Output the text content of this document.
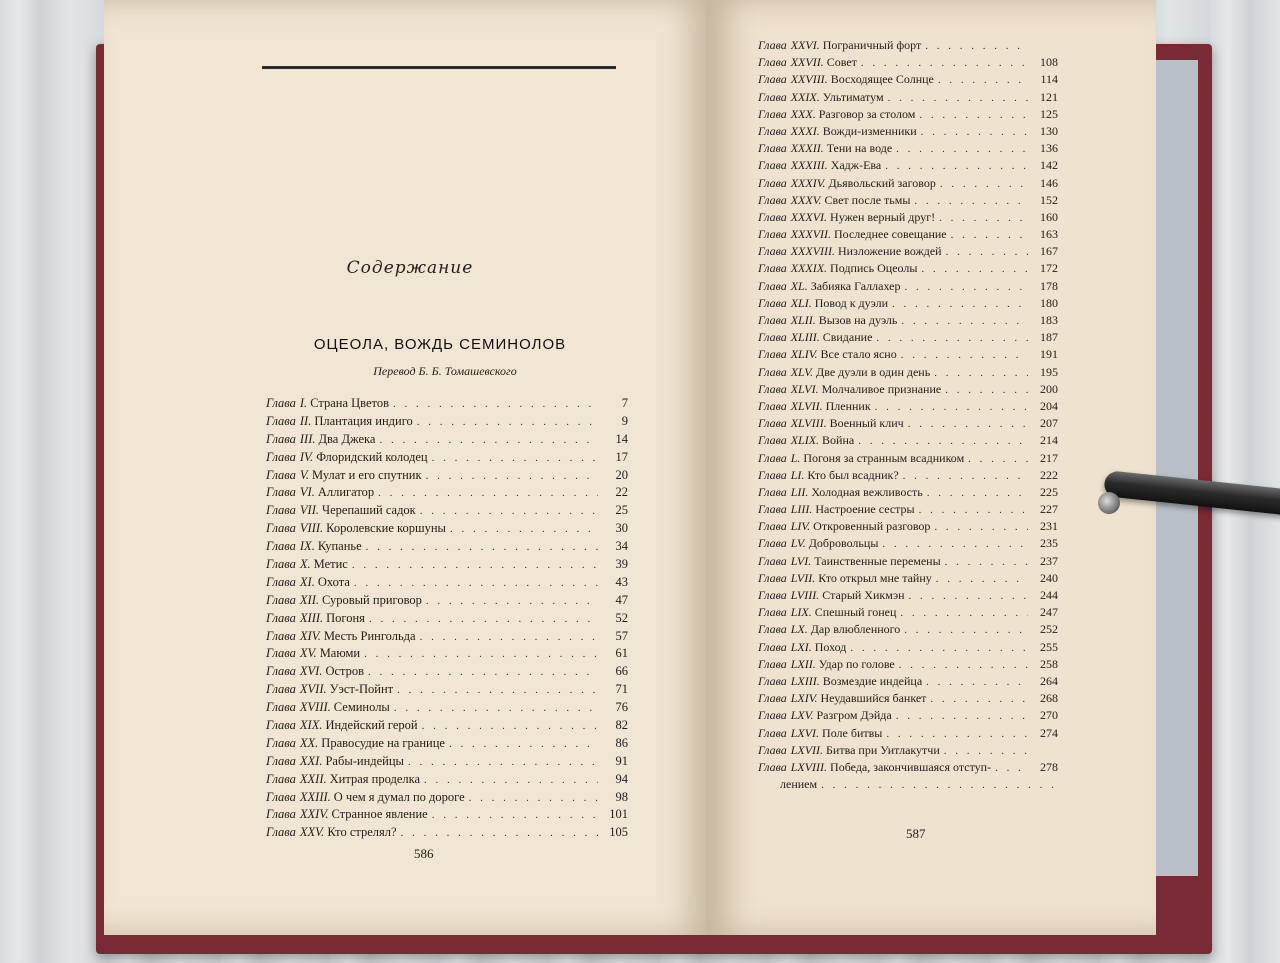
Содержание
ОЦЕОЛА, ВОЖДЬ СЕМИНОЛОВ
Перевод Б. Б. Томашевского
Глава I. Страна Цветов . . .	7
Глава II. Плантация индиго . . .	9
Глава III. Два Джека . . .	14
Глава IV. Флоридский колодец . . .	17
Глава V. Мулат и его спутник . . .	20
Глава VI. Аллигатор . . .	22
Глава VII. Черепаший садок . . .	25
Глава VIII. Королевские коршуны . . .	30
Глава IX. Купанье . . .	34
Глава X. Метис . . .	39
Глава XI. Охота . . .	43
Глава XII. Суровый приговор . . .	47
Глава XIII. Погоня . . .	52
Глава XIV. Месть Рингольда . . .	57
Глава XV. Маюми . . .	61
Глава XVI. Остров . . .	66
Глава XVII. Уэст-Пойнт . . .	71
Глава XVIII. Семинолы . . .	76
Глава XIX. Индейский герой . . .	82
Глава XX. Правосудие на границе . . .	86
Глава XXI. Рабы-индейцы . . .	91
Глава XXII. Хитрая проделка . . .	94
Глава XXIII. О чем я думал по дороге . . .	98
Глава XXIV. Странное явление . . .	101
Глава XXV. Кто стрелял? . . .	105
Глава XXVI. Пограничный форт
. . .
Глава XXVII. Совет . . .	108
Глава XXVIII. Восходящее Солнце . . .	114
Глава XXIX. Ультиматум . . .	121
Глава XXX. Разговор за столом . . .	125
Глава XXXI. Вожди-изменники . . .	130
Глава XXXII. Тени на воде . . .	136
Глава XXXIII. Хадж-Ева . . .	142
Глава XXXIV. Дьявольский заговор . . .	146
Глава XXXV. Свет после тьмы . . .	152
Глава XXXVI. Нужен верный друг! . . .	160
Глава XXXVII. Последнее совещание . . .	163
Глава XXXVIII. Низложение вождей . . .	167
Глава XXXIX. Подпись Оцеолы . . .	172
Глава XL. Забияка Галлахер . . .	178
Глава XLI. Повод к дуэли . . .	180
Глава XLII. Вызов на дуэль . . .	183
Глава XLIII. Свидание . . .	187
Глава XLIV. Все стало ясно . . .	191
Глава XLV. Две дуэли в один день . . .	195
Глава XLVI. Молчаливое признание . . .	200
Глава XLVII. Пленник . . .	204
Глава XLVIII. Военный клич . . .	207
Глава XLIX. Война . . .	214
Глава L. Погоня за странным всадником . . .	217
Глава LI. Кто был всадник? . . .	222
Глава LII. Холодная вежливость . . .	225
Глава LIII. Настроение сестры . . .	227
Глава LIV. Откровенный разговор . . .	231
Глава LV. Добровольцы . . .	235
Глава LVI. Таинственные перемены . . .	237
Глава LVII. Кто открыл мне тайну . . .	240
Глава LVIII. Старый Хикмэн . . .	244
Глава LIX. Спешный гонец . . .	247
Глава LX. Дар влюбленного . . .	252
Глава LXI. Поход . . .	255
Глава LXII. Удар по голове . . .	258
Глава LXIII. Возмездие индейца . . .	264
Глава LXIV. Неудавшийся банкет . . .	268
Глава LXV. Разгром Дэйда . . .	270
Глава LXVI. Поле битвы . . .	274
Глава LXVII. Битва при Уитлакутчи
. . .
Глава LXVIII. Победа, закончившаяся отступ- . . .	278
лением
. . .
586
587
